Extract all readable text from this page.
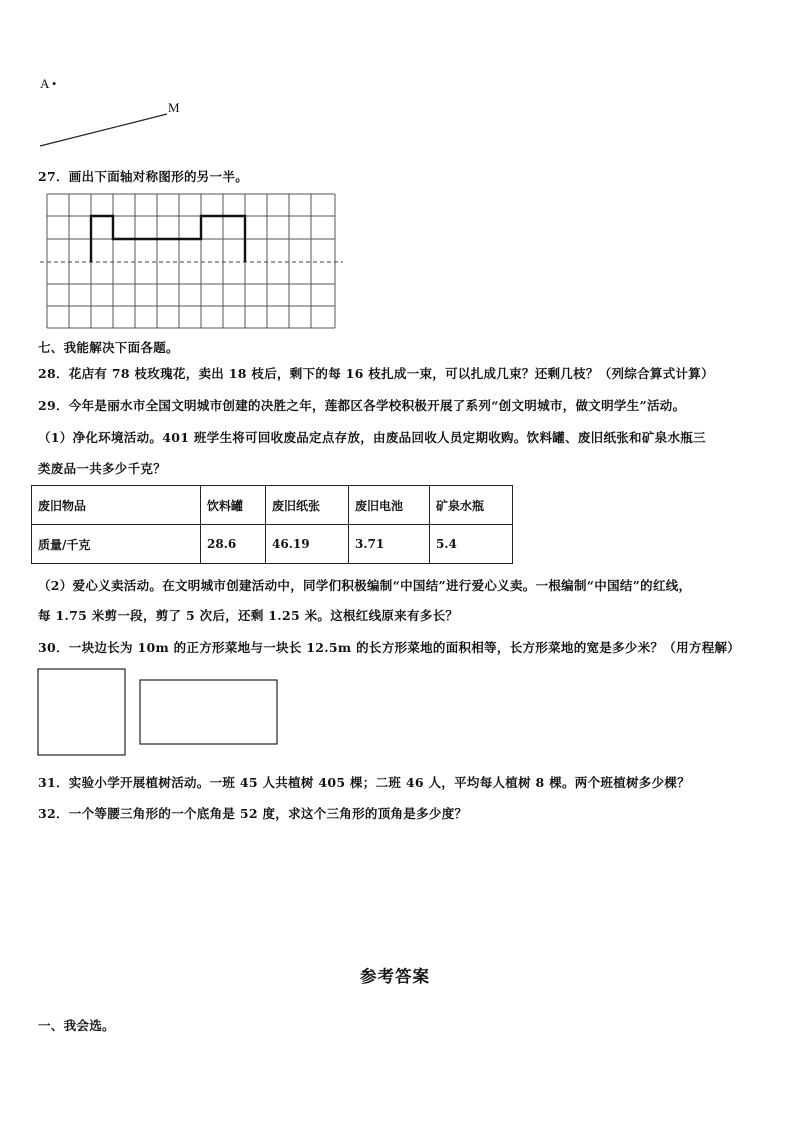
A •
M
27．画出下面轴对称图形的另一半。
七、我能解决下面各题。
28．花店有 78 枝玫瑰花，卖出 18 枝后，剩下的每 16 枝扎成一束，可以扎成几束？还剩几枝？（列综合算式计算）
29．今年是丽水市全国文明城市创建的决胜之年，莲都区各学校积极开展了系列“创文明城市，做文明学生”活动。
（1）净化环境活动。401 班学生将可回收废品定点存放，由废品回收人员定期收购。饮料罐、废旧纸张和矿泉水瓶三
类废品一共多少千克？
废旧物品	饮料罐	废旧纸张	废旧电池	矿泉水瓶
质量/千克	28.6	46.19	3.71	5.4
（2）爱心义卖活动。在文明城市创建活动中，同学们积极编制“中国结”进行爱心义卖。一根编制“中国结”的红线，
每 1.75 米剪一段，剪了 5 次后，还剩 1.25 米。这根红线原来有多长？
30．一块边长为 10m 的正方形菜地与一块长 12.5m 的长方形菜地的面积相等，长方形菜地的宽是多少米？（用方程解）
31．实验小学开展植树活动。一班 45 人共植树 405 棵；二班 46 人，平均每人植树 8 棵。两个班植树多少棵？
32．一个等腰三角形的一个底角是 52 度，求这个三角形的顶角是多少度？
参考答案
一、我会选。
